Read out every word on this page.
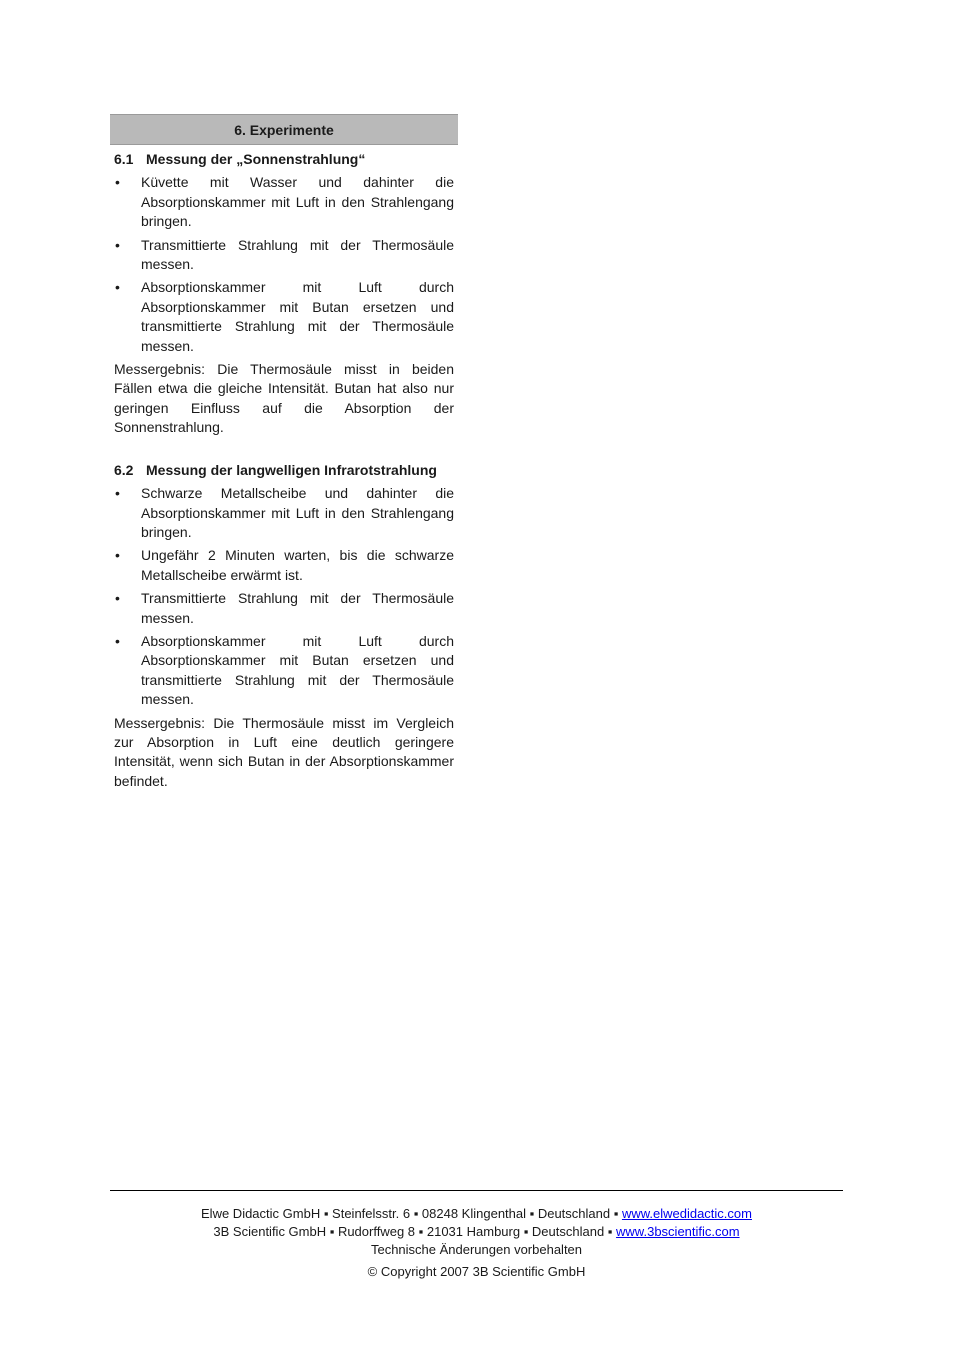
6. Experimente
6.1 Messung der „Sonnenstrahlung“
•	Küvette mit Wasser und dahinter die Absorptionskammer mit Luft in den Strahlengang bringen.
•	Transmittierte Strahlung mit der Thermosäule messen.
•	Absorptionskammer mit Luft durch Absorptionskammer mit Butan ersetzen und transmittierte Strahlung mit der Thermosäule messen.
Messergebnis: Die Thermosäule misst in beiden Fällen etwa die gleiche Intensität. Butan hat also nur geringen Einfluss auf die Absorption der Sonnenstrahlung.
6.2 Messung der langwelligen Infrarotstrahlung
•	Schwarze Metallscheibe und dahinter die Absorptionskammer mit Luft in den Strahlengang bringen.
•	Ungefähr 2 Minuten warten, bis die schwarze Metallscheibe erwärmt ist.
•	Transmittierte Strahlung mit der Thermosäule messen.
•	Absorptionskammer mit Luft durch Absorptionskammer mit Butan ersetzen und transmittierte Strahlung mit der Thermosäule messen.
Messergebnis: Die Thermosäule misst im Vergleich zur Absorption in Luft eine deutlich geringere Intensität, wenn sich Butan in der Absorptionskammer befindet.
Elwe Didactic GmbH ▪ Steinfelsstr. 6 ▪ 08248 Klingenthal ▪ Deutschland ▪ www.elwedidactic.com
3B Scientific GmbH ▪ Rudorffweg 8 ▪ 21031 Hamburg ▪ Deutschland ▪ www.3bscientific.com
Technische Änderungen vorbehalten
© Copyright 2007 3B Scientific GmbH
